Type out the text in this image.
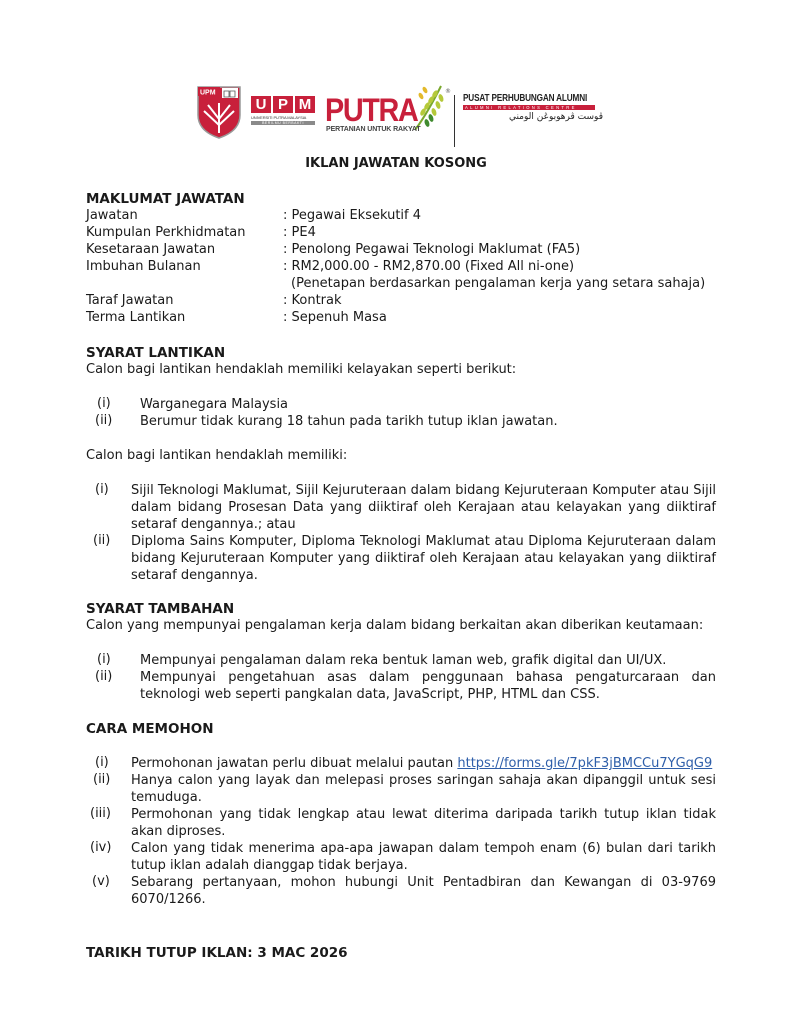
UPM
U P M
UNIVERSITI PUTRA MALAYSIA
BERILMU BERBAKTI PUTRA
®
PERTANIAN UNTUK RAKYAT
PUSAT PERHUBUNGAN ALUMNI
ALUMNI RELATIONS CENTRE
ڤوست ڤرهوبوڠن الومني
IKLAN JAWATAN KOSONG
MAKLUMAT JAWATAN
Jawatan	: Pegawai Eksekutif 4
Kumpulan Perkhidmatan	: PE4
Kesetaraan Jawatan	: Penolong Pegawai Teknologi Maklumat (FA5)
Imbuhan Bulanan	: RM2,000.00 - RM2,870.00 (Fixed All ni-one)
(Penetapan berdasarkan pengalaman kerja yang setara sahaja)
Taraf Jawatan	: Kontrak
Terma Lantikan	: Sepenuh Masa
SYARAT LANTIKAN
Calon bagi lantikan hendaklah memiliki kelayakan seperti berikut:
(i) Warganegara Malaysia
(ii) Berumur tidak kurang 18 tahun pada tarikh tutup iklan jawatan.
Calon bagi lantikan hendaklah memiliki:
(i) Sijil Teknologi Maklumat, Sijil Kejuruteraan dalam bidang Kejuruteraan Komputer atau Sijil dalam bidang Prosesan Data yang diiktiraf oleh Kerajaan atau kelayakan yang diiktiraf setaraf dengannya.; atau
(ii) Diploma Sains Komputer, Diploma Teknologi Maklumat atau Diploma Kejuruteraan dalam bidang Kejuruteraan Komputer yang diiktiraf oleh Kerajaan atau kelayakan yang diiktiraf setaraf dengannya.
SYARAT TAMBAHAN
Calon yang mempunyai pengalaman kerja dalam bidang berkaitan akan diberikan keutamaan:
(i) Mempunyai pengalaman dalam reka bentuk laman web, grafik digital dan UI/UX.
(ii) Mempunyai pengetahuan asas dalam penggunaan bahasa pengaturcaraan dan teknologi web seperti pangkalan data, JavaScript, PHP, HTML dan CSS.
CARA MEMOHON
(i) Permohonan jawatan perlu dibuat melalui pautan https://forms.gle/7pkF3jBMCCu7YGqG9
(ii) Hanya calon yang layak dan melepasi proses saringan sahaja akan dipanggil untuk sesi temuduga.
(iii) Permohonan yang tidak lengkap atau lewat diterima daripada tarikh tutup iklan tidak akan diproses.
(iv) Calon yang tidak menerima apa-apa jawapan dalam tempoh enam (6) bulan dari tarikh tutup iklan adalah dianggap tidak berjaya.
(v) Sebarang pertanyaan, mohon hubungi Unit Pentadbiran dan Kewangan di 03-9769 6070/1266.
TARIKH TUTUP IKLAN: 3 MAC 2026
